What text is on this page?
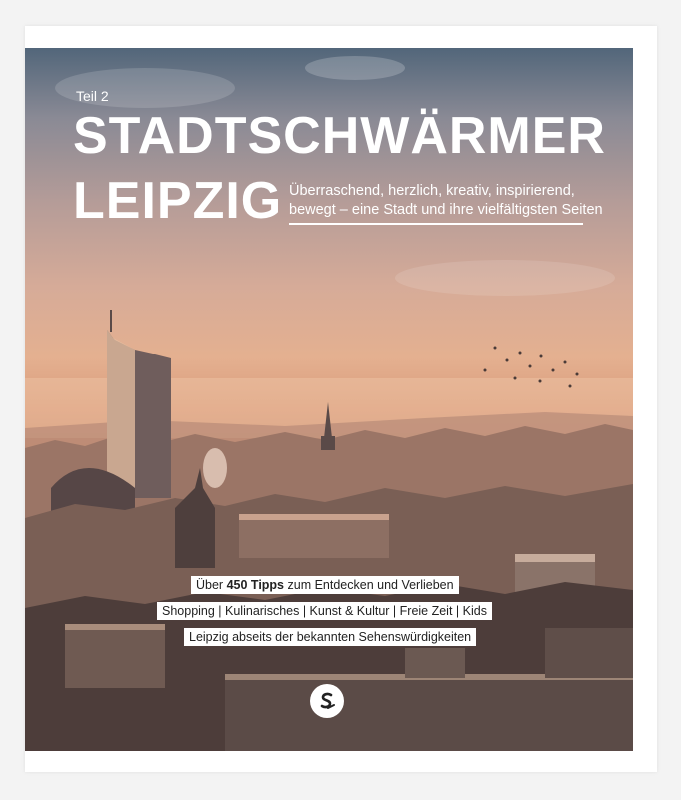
Teil 2
STADTSCHWÄRMER
LEIPZIG Überraschend, herzlich, kreativ, inspirierend,
bewegt – eine Stadt und ihre vielfältigsten Seiten
Über 450 Tipps zum Entdecken und Verlieben
Shopping | Kulinarisches | Kunst & Kultur | Freie Zeit | Kids
Leipzig abseits der bekannten Sehenswürdigkeiten
